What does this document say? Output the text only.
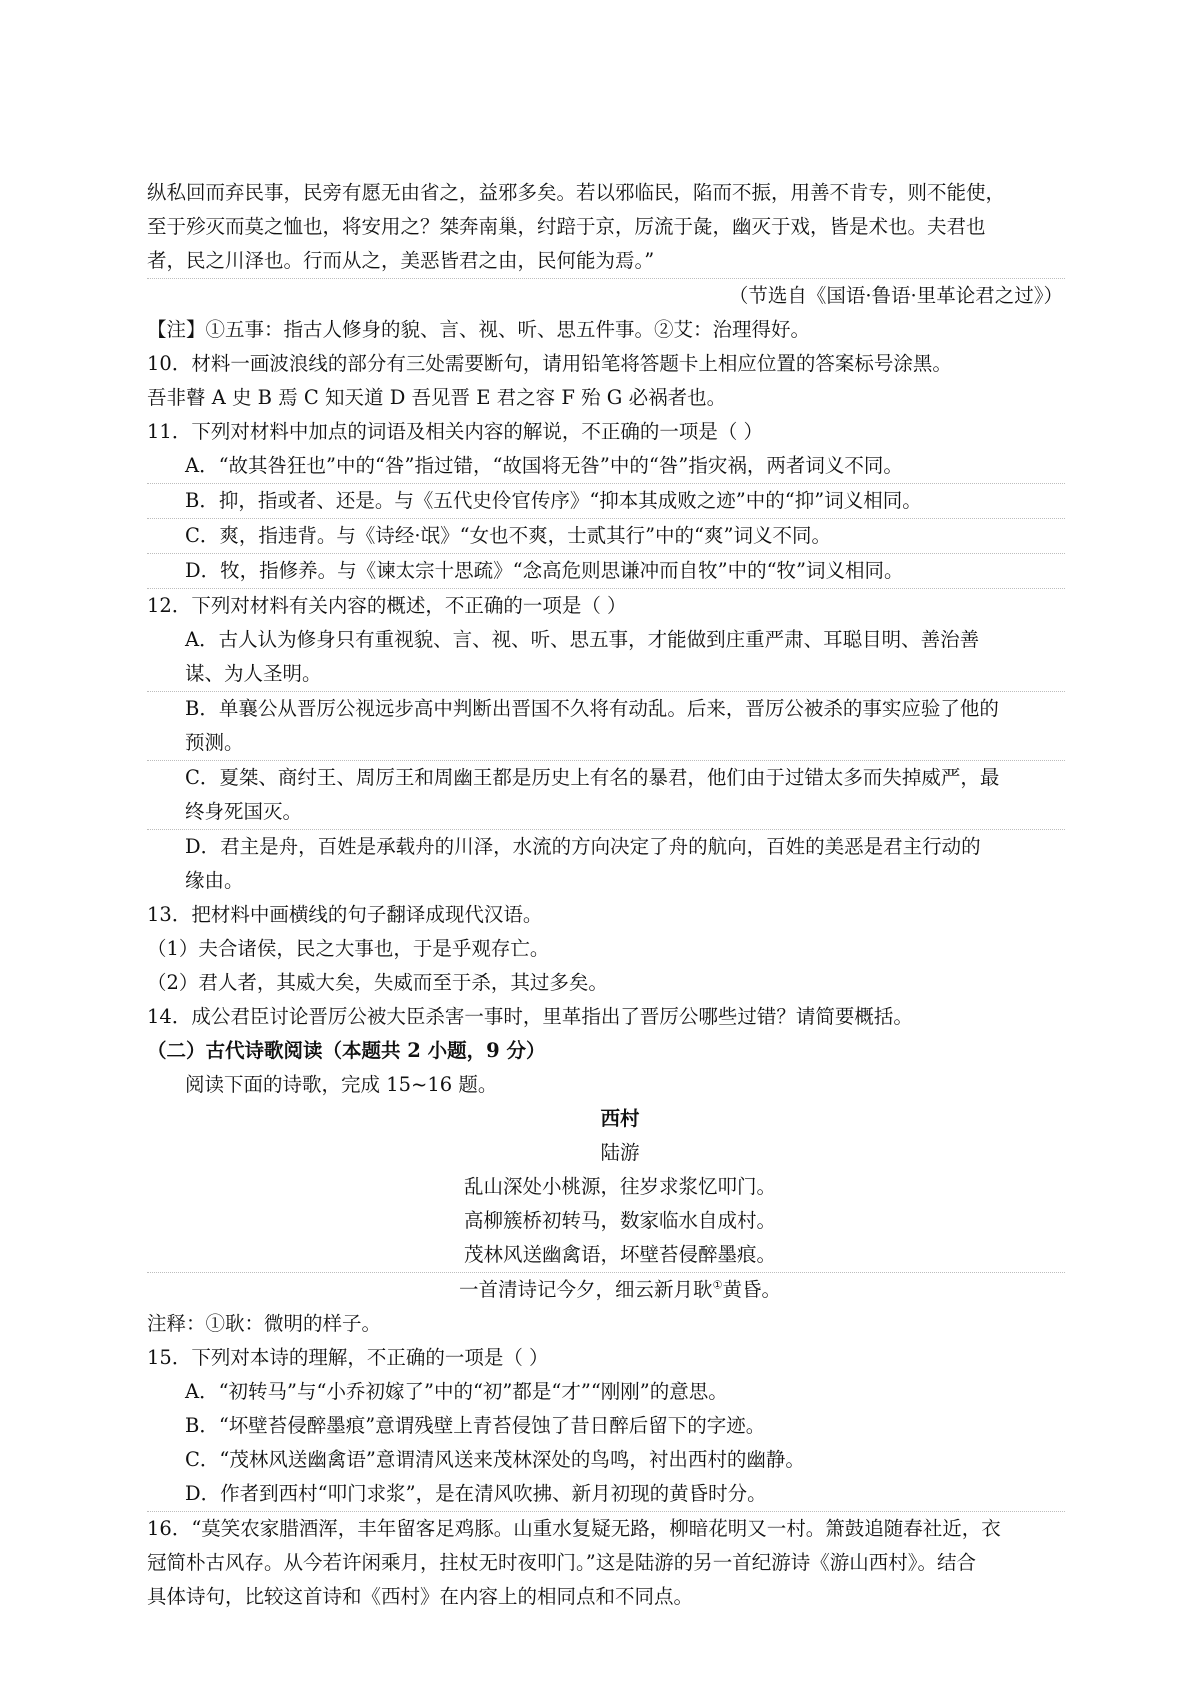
纵私回而弃民事，民旁有愿无由省之，益邪多矣。若以邪临民，陷而不振，用善不肯专，则不能使，
至于殄灭而莫之恤也，将安用之？桀奔南巢，纣踣于京，厉流于彘，幽灭于戏，皆是术也。夫君也
者，民之川泽也。行而从之，美恶皆君之由，民何能为焉。”
（节选自《国语·鲁语·里革论君之过》）
【注】①五事：指古人修身的貌、言、视、听、思五件事。②艾：治理得好。
10．材料一画波浪线的部分有三处需要断句，请用铅笔将答题卡上相应位置的答案标号涂黑。
吾非瞽 A 史 B 焉 C 知天道 D 吾见晋 E 君之容 F 殆 G 必祸者也。
11．下列对材料中加点的词语及相关内容的解说，不正确的一项是（ ）
A．“故其咎狂也”中的“咎”指过错，“故国将无咎”中的“咎”指灾祸，两者词义不同。
B．抑，指或者、还是。与《五代史伶官传序》“抑本其成败之迹”中的“抑”词义相同。
C．爽，指违背。与《诗经·氓》“女也不爽，士贰其行”中的“爽”词义不同。
D．牧，指修养。与《谏太宗十思疏》“念高危则思谦冲而自牧”中的“牧”词义相同。
12．下列对材料有关内容的概述，不正确的一项是（ ）
A．古人认为修身只有重视貌、言、视、听、思五事，才能做到庄重严肃、耳聪目明、善治善
谋、为人圣明。
B．单襄公从晋厉公视远步高中判断出晋国不久将有动乱。后来，晋厉公被杀的事实应验了他的
预测。
C．夏桀、商纣王、周厉王和周幽王都是历史上有名的暴君，他们由于过错太多而失掉威严，最
终身死国灭。
D．君主是舟，百姓是承载舟的川泽，水流的方向决定了舟的航向，百姓的美恶是君主行动的
缘由。
13．把材料中画横线的句子翻译成现代汉语。
（1）夫合诸侯，民之大事也，于是乎观存亡。
（2）君人者，其威大矣，失威而至于杀，其过多矣。
14．成公君臣讨论晋厉公被大臣杀害一事时，里革指出了晋厉公哪些过错？请简要概括。
（二）古代诗歌阅读（本题共 2 小题，9 分）
阅读下面的诗歌，完成 15~16 题。
西村
陆游
乱山深处小桃源，往岁求浆忆叩门。
高柳簇桥初转马，数家临水自成村。
茂林风送幽禽语，坏壁苔侵醉墨痕。
一首清诗记今夕，细云新月耿①黄昏。
注释：①耿：微明的样子。
15．下列对本诗的理解，不正确的一项是（ ）
A．“初转马”与“小乔初嫁了”中的“初”都是“才”“刚刚”的意思。
B．“坏壁苔侵醉墨痕”意谓残壁上青苔侵蚀了昔日醉后留下的字迹。
C．“茂林风送幽禽语”意谓清风送来茂林深处的鸟鸣，衬出西村的幽静。
D．作者到西村“叩门求浆”，是在清风吹拂、新月初现的黄昏时分。
16．“莫笑农家腊酒浑，丰年留客足鸡豚。山重水复疑无路，柳暗花明又一村。箫鼓追随春社近，衣
冠简朴古风存。从今若许闲乘月，拄杖无时夜叩门。”这是陆游的另一首纪游诗《游山西村》。结合
具体诗句，比较这首诗和《西村》在内容上的相同点和不同点。
